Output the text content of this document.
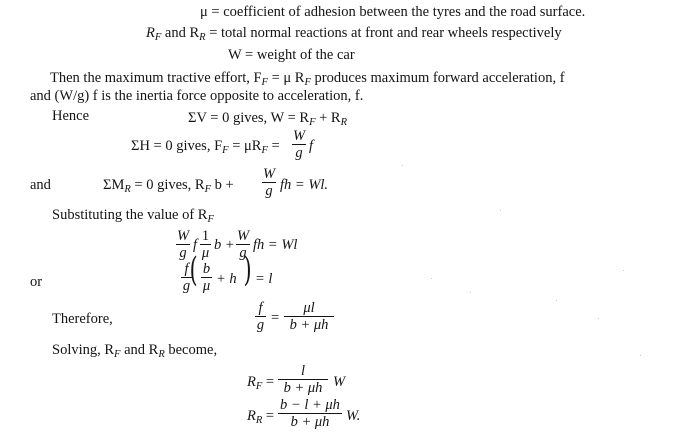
μ = coefficient of adhesion between the tyres and the road surface.
$R_F$ and $R_R$ = total normal reactions at front and rear wheels respectively
W = weight of the car
Then the maximum tractive effort, $F_F = \mu$ $R_F$ produces maximum forward acceleration, f
and (W/g) f is the inertia force opposite to acceleration, f.
Hence	ΣV = 0 gives, $W = R_F + R_R$
ΣH = 0 gives, $F_F = \mu R_F$ =
W
g f
and	$\Sigma M_R = 0$ gives, $R_F$ b +
W
g fh = Wl.
Substituting the value of $R_F$
W
g f
1
μ b +
W
g fh = Wl
or
f
g ( b
μ + h ) = l
Therefore,
f
g =
μl
b + μh
Solving, $R_F$ and $R_R$ become,
$R_F$ =
l
b + μh W
$R_R$ =
b − l + μh
b + μh	W.
